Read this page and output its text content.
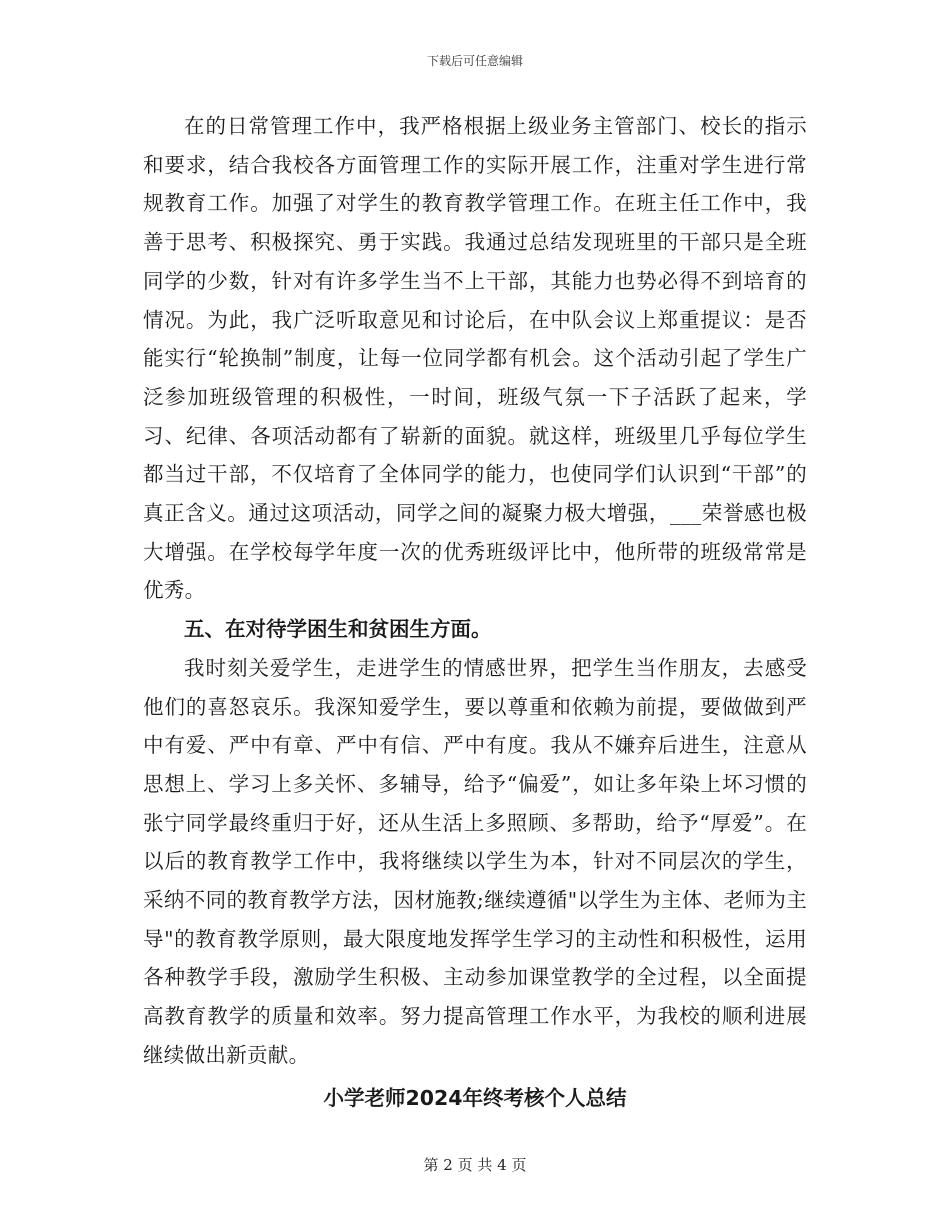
下载后可任意编辑

在的日常管理工作中，我严格根据上级业务主管部门、校长的指示和要求，结合我校各方面管理工作的实际开展工作，注重对学生进行常规教育工作。加强了对学生的教育教学管理工作。在班主任工作中，我善于思考、积极探究、勇于实践。我通过总结发现班里的干部只是全班同学的少数，针对有许多学生当不上干部，其能力也势必得不到培育的情况。为此，我广泛听取意见和讨论后，在中队会议上郑重提议：是否能实行“轮换制”制度，让每一位同学都有机会。这个活动引起了学生广泛参加班级管理的积极性，一时间，班级气氛一下子活跃了起来，学习、纪律、各项活动都有了崭新的面貌。就这样，班级里几乎每位学生都当过干部，不仅培育了全体同学的能力，也使同学们认识到“干部”的真正含义。通过这项活动，同学之间的凝聚力极大增强，___荣誉感也极大增强。在学校每学年度一次的优秀班级评比中，他所带的班级常常是优秀。

五、在对待学困生和贫困生方面。

我时刻关爱学生，走进学生的情感世界，把学生当作朋友，去感受他们的喜怒哀乐。我深知爱学生，要以尊重和依赖为前提，要做做到严中有爱、严中有章、严中有信、严中有度。我从不嫌弃后进生，注意从思想上、学习上多关怀、多辅导，给予“偏爱”，如让多年染上坏习惯的张宁同学最终重归于好，还从生活上多照顾、多帮助，给予“厚爱”。在以后的教育教学工作中，我将继续以学生为本，针对不同层次的学生，采纳不同的教育教学方法，因材施教;继续遵循"以学生为主体、老师为主导"的教育教学原则，最大限度地发挥学生学习的主动性和积极性，运用各种教学手段，激励学生积极、主动参加课堂教学的全过程，以全面提高教育教学的质量和效率。努力提高管理工作水平，为我校的顺利进展继续做出新贡献。

小学老师2024年终考核个人总结

第 2 页 共 4 页
